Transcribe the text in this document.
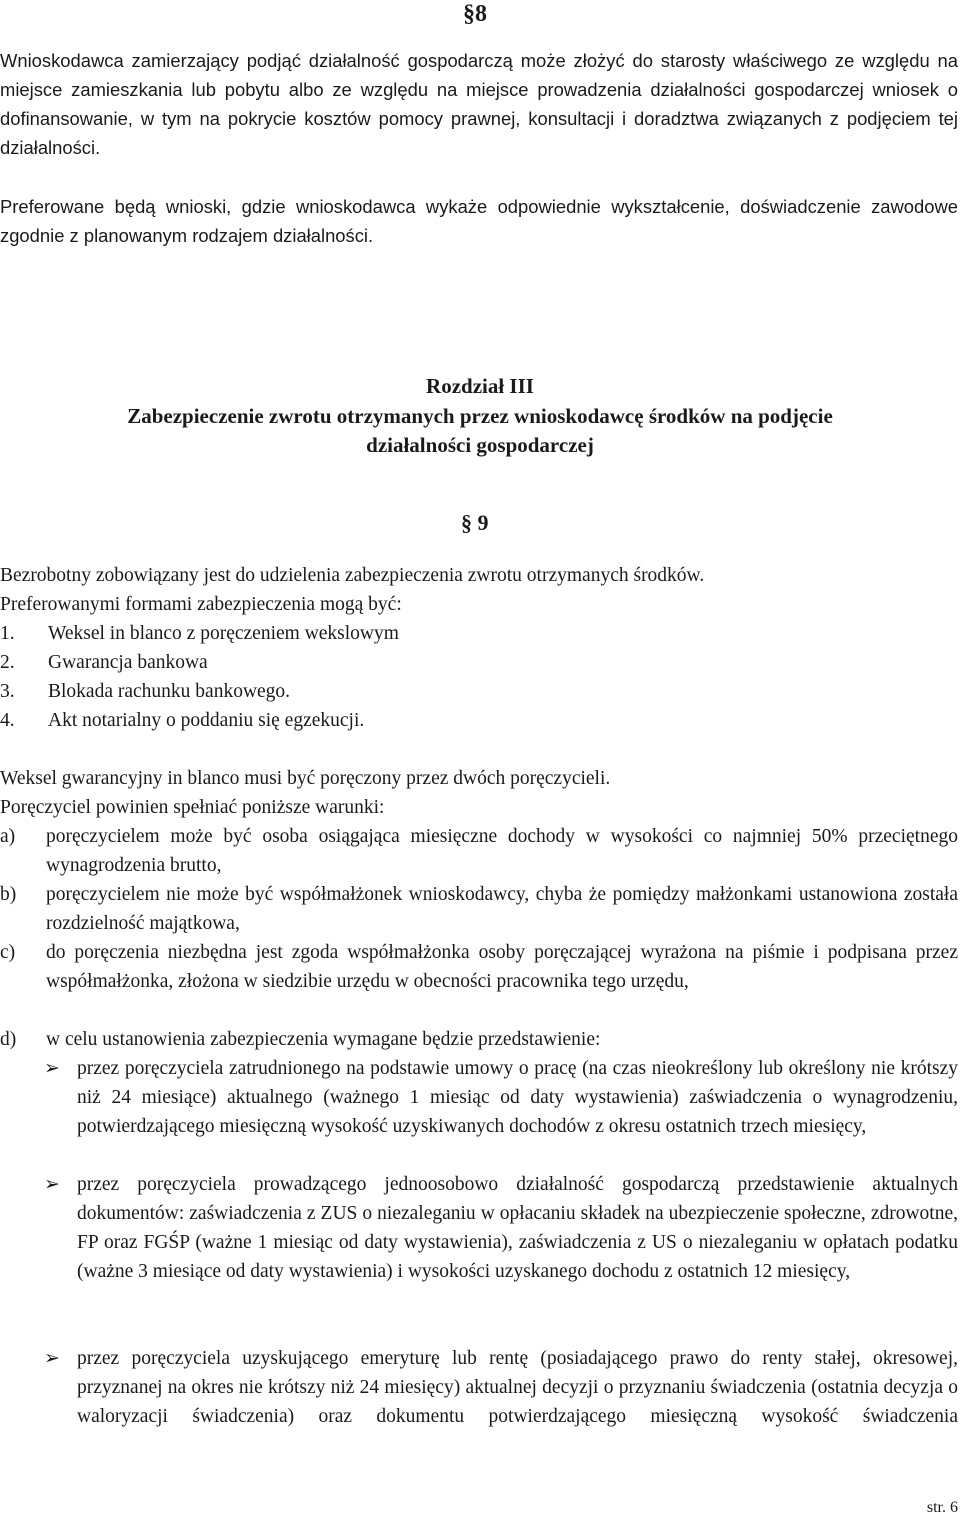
§8

Wnioskodawca zamierzający podjąć działalność gospodarczą może złożyć do starosty właściwego ze względu na miejsce zamieszkania lub pobytu albo ze względu na miejsce prowadzenia działalności gospodarczej wniosek o dofinansowanie, w tym na pokrycie kosztów pomocy prawnej, konsultacji i doradztwa związanych z podjęciem tej działalności.

Preferowane będą wnioski, gdzie wnioskodawca wykaże odpowiednie wykształcenie, doświadczenie zawodowe zgodnie z planowanym rodzajem działalności.

Rozdział III

Zabezpieczenie zwrotu otrzymanych przez wnioskodawcę środków na podjęcie

działalności gospodarczej

§ 9

Bezrobotny zobowiązany jest do udzielenia zabezpieczenia zwrotu otrzymanych środków.

Preferowanymi formami zabezpieczenia mogą być:

1. Weksel in blanco z poręczeniem wekslowym

2. Gwarancja bankowa

3. Blokada rachunku bankowego.

4. Akt notarialny o poddaniu się egzekucji.

Weksel gwarancyjny in blanco musi być poręczony przez dwóch poręczycieli.

Poręczyciel powinien spełniać poniższe warunki:

a) poręczycielem może być osoba osiągająca miesięczne dochody w wysokości co najmniej 50% przeciętnego wynagrodzenia brutto,
b) poręczycielem nie może być współmałżonek wnioskodawcy, chyba że pomiędzy małżonkami ustanowiona została rozdzielność majątkowa,
c) do poręczenia niezbędna jest zgoda współmałżonka osoby poręczającej wyrażona na piśmie i podpisana przez współmałżonka, złożona w siedzibie urzędu w obecności pracownika tego urzędu,
d) w celu ustanowienia zabezpieczenia wymagane będzie przedstawienie:
➢ przez poręczyciela zatrudnionego na podstawie umowy o pracę (na czas nieokreślony lub określony nie krótszy niż 24 miesiące) aktualnego (ważnego 1 miesiąc od daty wystawienia) zaświadczenia o wynagrodzeniu, potwierdzającego miesięczną wysokość uzyskiwanych dochodów z okresu ostatnich trzech miesięcy,
➢ przez poręczyciela prowadzącego jednoosobowo działalność gospodarczą przedstawienie aktualnych dokumentów: zaświadczenia z ZUS o niezaleganiu w opłacaniu składek na ubezpieczenie społeczne, zdrowotne, FP oraz FGŚP (ważne 1 miesiąc od daty wystawienia), zaświadczenia z US o niezaleganiu w opłatach podatku (ważne 3 miesiące od daty wystawienia) i wysokości uzyskanego dochodu z ostatnich 12 miesięcy,
➢ przez poręczyciela uzyskującego emeryturę lub rentę (posiadającego prawo do renty stałej, okresowej, przyznanej na okres nie krótszy niż 24 miesięcy) aktualnej decyzji o przyznaniu świadczenia (ostatnia decyzja o waloryzacji świadczenia) oraz dokumentu potwierdzającego miesięczną wysokość świadczenia
str. 6
